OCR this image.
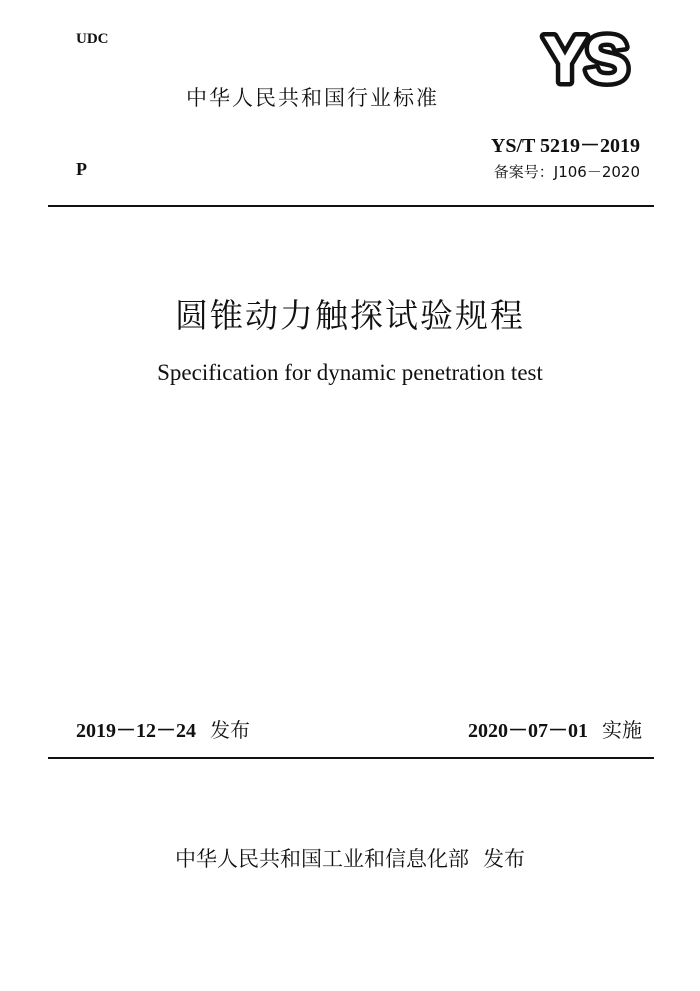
UDC	YS
中华人民共和国行业标准
YS/T 5219－2019
备案号：J106－2020
P
圆锥动力触探试验规程
Specification for dynamic penetration test
2019－12－24 发布	2020－07－01 实施
中华人民共和国工业和信息化部 发布
